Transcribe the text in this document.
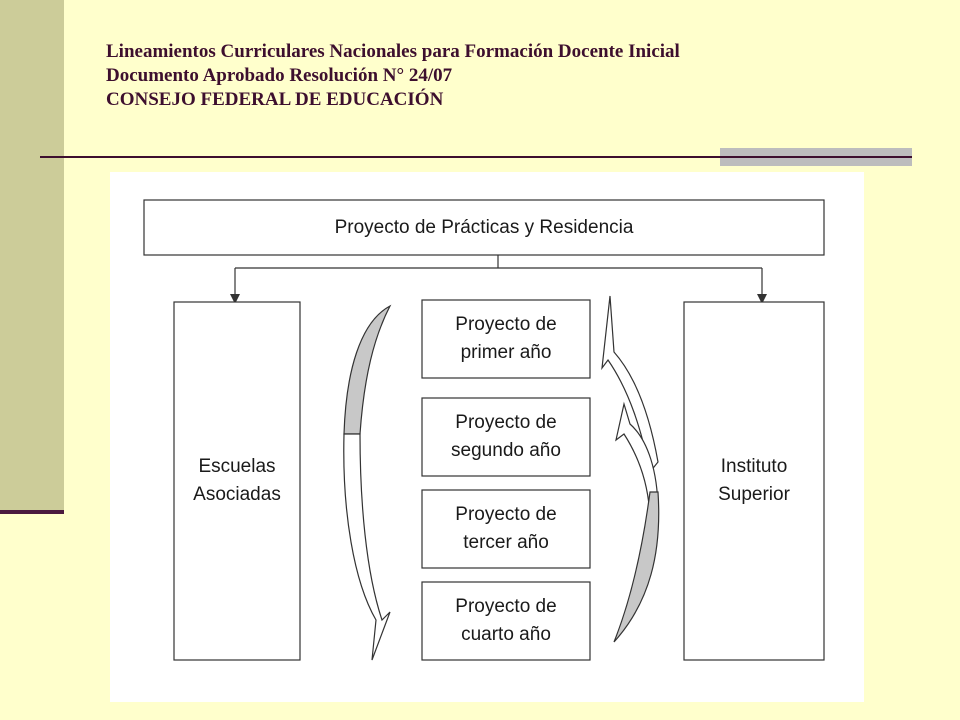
Lineamientos Curriculares Nacionales para Formación Docente Inicial
Documento Aprobado Resolución N° 24/07
CONSEJO FEDERAL DE EDUCACIÓN
Proyecto de Prácticas y Residencia
Escuelas
Asociadas
Instituto
Superior
Proyecto de
primer año
Proyecto de
segundo año
Proyecto de
tercer año
Proyecto de
cuarto año
